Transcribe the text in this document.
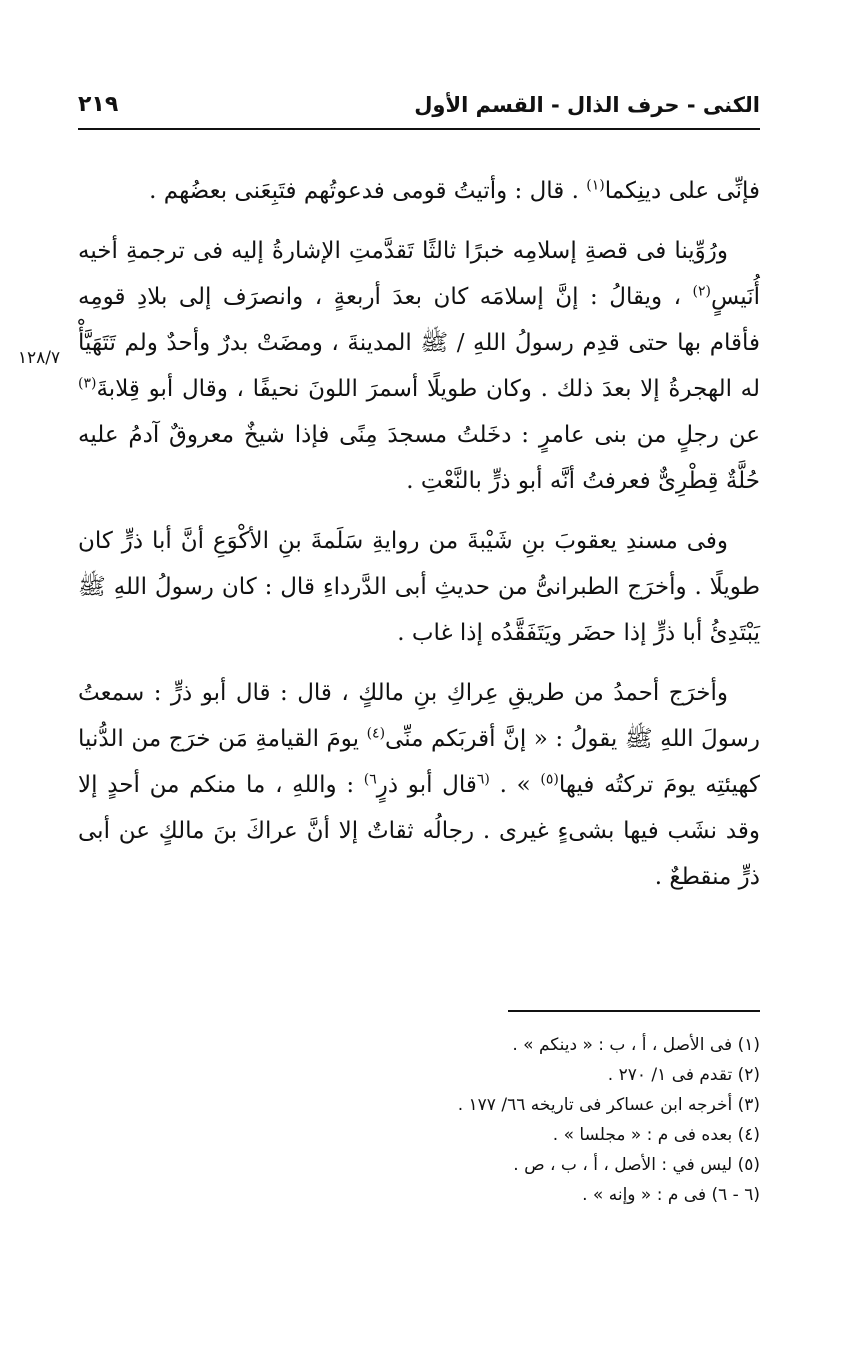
الكنى - حرف الذال - القسم الأول
٢١٩
١٢٨/٧

فإنِّى على دينِكما$^{(١)}$ . قال : وأتيتُ قومى فدعوتُهم فتَبِعَنى بعضُهم .

ورُوِّينا فى قصةِ إسلامِه خبرًا ثالثًا تَقدَّمتِ الإشارةُ إليه فى ترجمةِ أخيه أُنَيسٍ$^{(٢)}$ ، ويقالُ : إنَّ إسلامَه كان بعدَ أربعةٍ ، وانصرَف إلى بلادِ قومِه فأقام بها حتى قدِم رسولُ اللهِ / ﷺ المدينةَ ، ومضَتْ بدرٌ وأحدٌ ولم تَتَهَيَّأْ له الهجرةُ إلا بعدَ ذلك . وكان طويلًا أسمرَ اللونَ نحيفًا ، وقال أبو قِلابةَ$^{(٣)}$ عن رجلٍ من بنى عامرٍ : دخَلتُ مسجدَ مِنًى فإذا شيخٌ معروقٌ آدمُ عليه حُلَّةٌ قِطْرِىٌّ فعرفتُ أنَّه أبو ذرٍّ بالنَّعْتِ .

وفى مسندِ يعقوبَ بنِ شَيْبةَ من روايةِ سَلَمةَ بنِ الأكْوَعِ أنَّ أبا ذرٍّ كان طويلًا . وأخرَج الطبرانىُّ من حديثِ أبى الدَّرداءِ قال : كان رسولُ اللهِ ﷺ يَبْتَدِئُ أبا ذرٍّ إذا حضَر ويَتَفَقَّدُه إذا غاب .

وأخرَج أحمدُ من طريقِ عِراكِ بنِ مالكٍ ، قال : قال أبو ذرٍّ : سمعتُ رسولَ اللهِ ﷺ يقولُ : « إنَّ أقربَكم منِّى$^{(٤)}$ يومَ القيامةِ مَن خرَج من الدُّنيا كهيئتِه يومَ تركتُه فيها$^{(٥)}$ » . $^{(٦}$قال أبو ذرٍ$^{٦)}$ : واللهِ ، ما منكم من أحدٍ إلا وقد نشَب فيها بشىءٍ غيرى . رجالُه ثقاتٌ إلا أنَّ عراكَ بنَ مالكٍ عن أبى ذرٍّ منقطعٌ .

(١) فى الأصل ، أ ، ب : « دينكم » .
(٢) تقدم فى ١/ ٢٧٠ .
(٣) أخرجه ابن عساكر فى تاريخه ٦٦/ ١٧٧ .
(٤) بعده فى م : « مجلسا » .
(٥) ليس في : الأصل ، أ ، ب ، ص .
(٦ - ٦) فى م : « وإنه » .
